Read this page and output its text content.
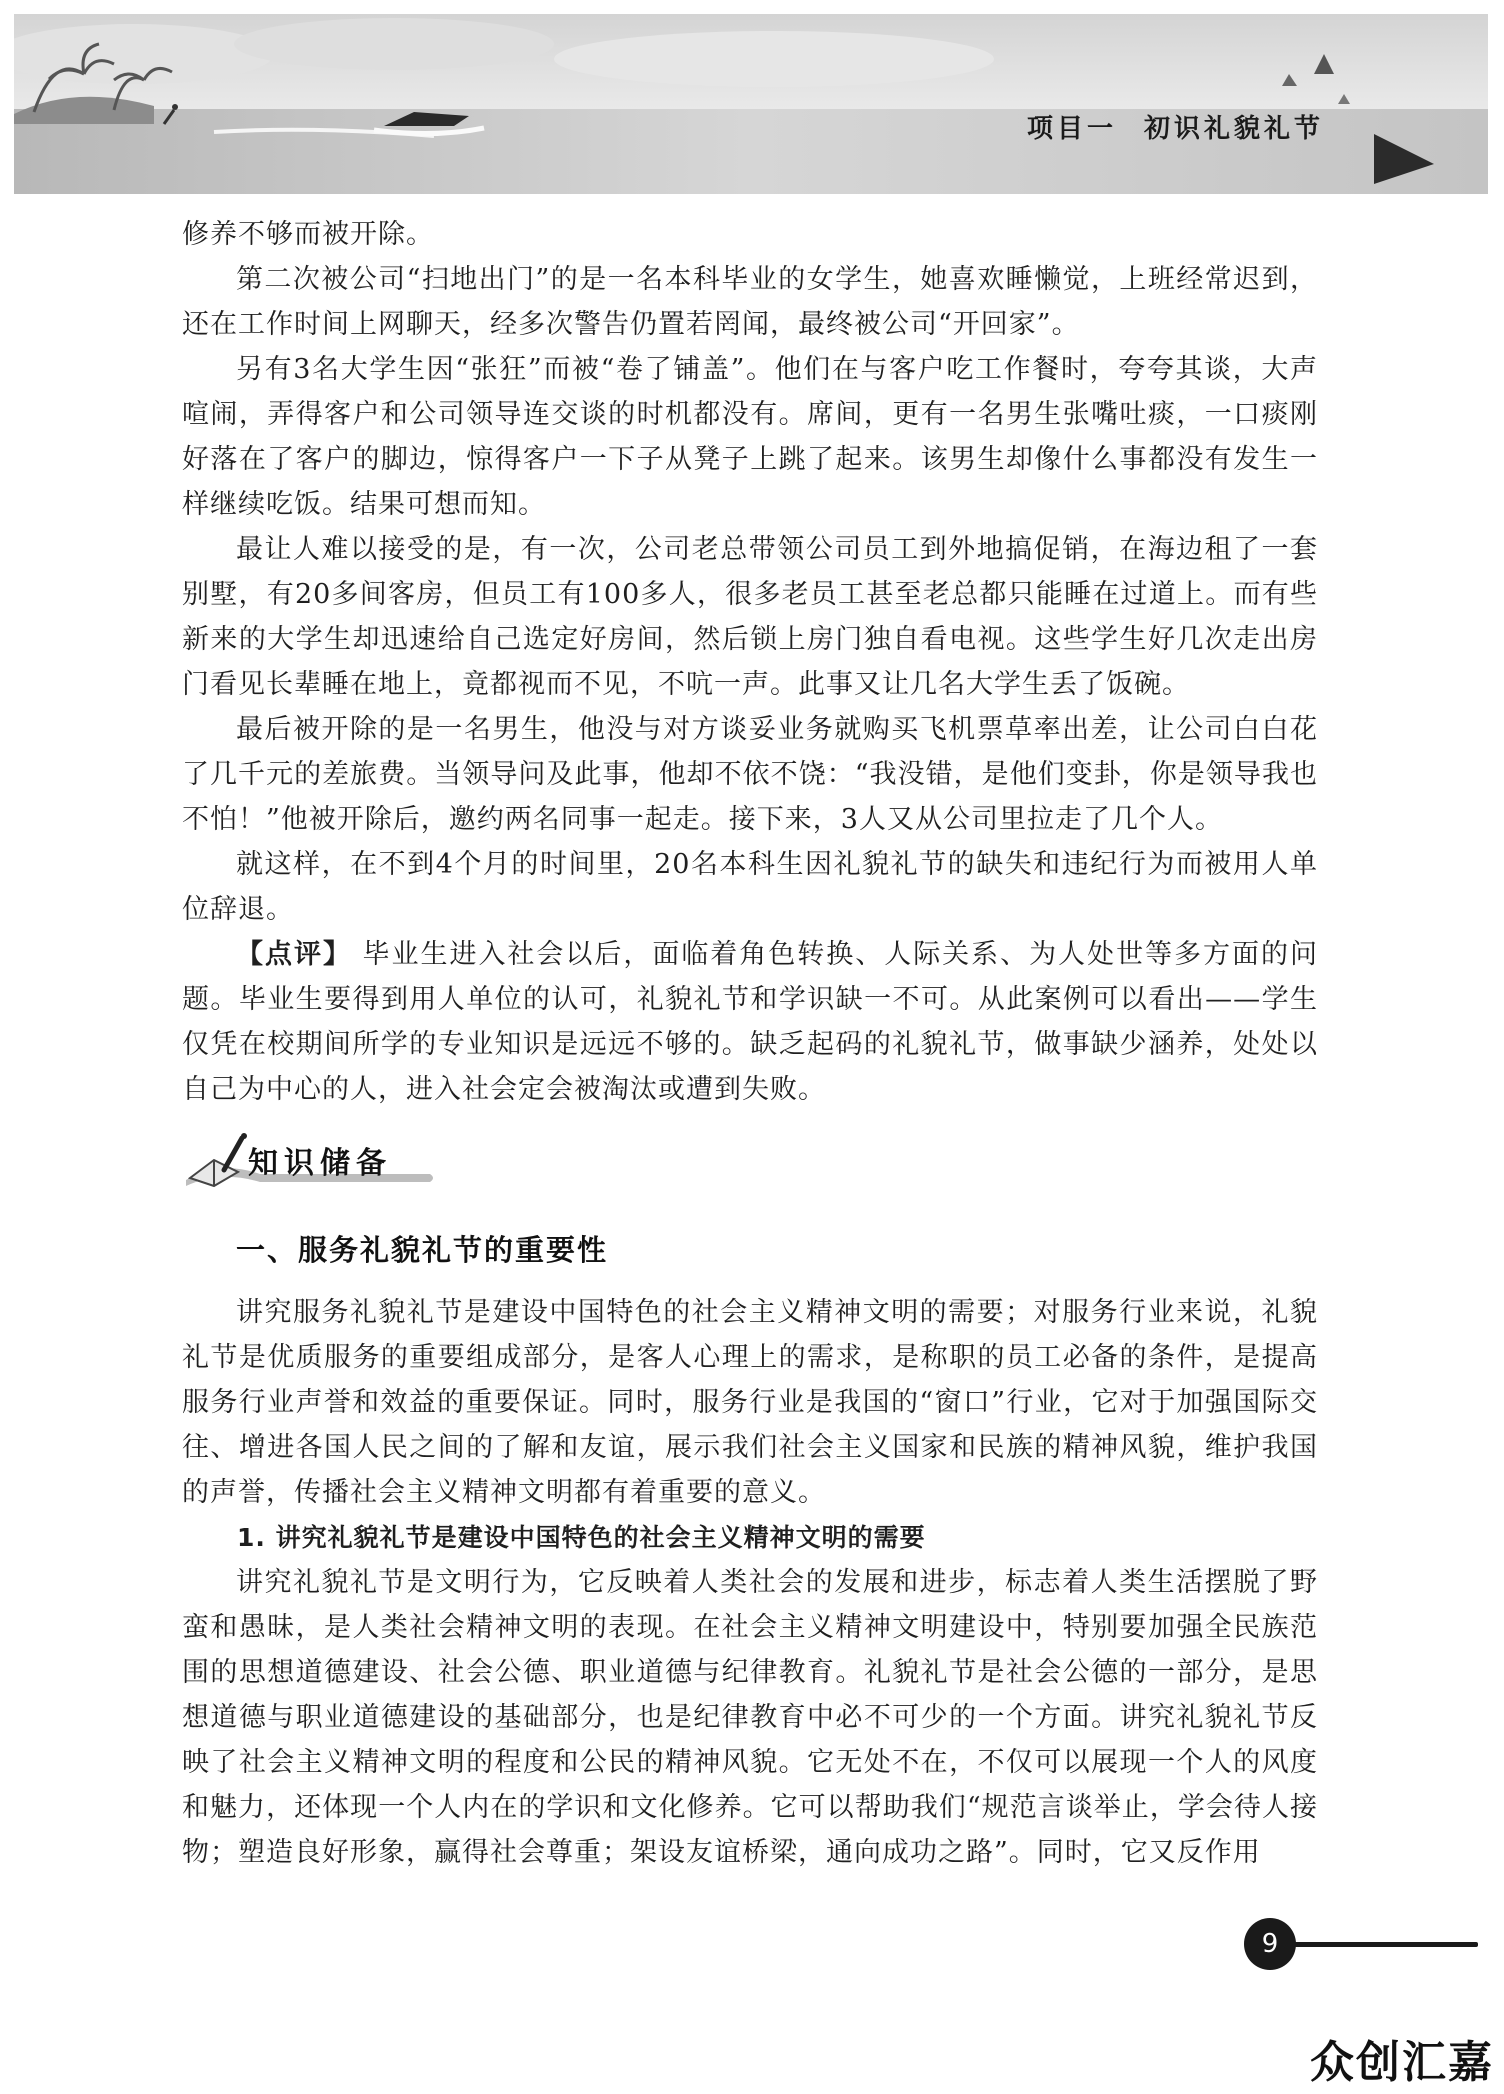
项目一 初识礼貌礼节

修养不够而被开除。

第二次被公司“扫地出门”的是一名本科毕业的女学生，她喜欢睡懒觉，上班经常迟到，还在工作时间上网聊天，经多次警告仍置若罔闻，最终被公司“开回家”。

另有3名大学生因“张狂”而被“卷了铺盖”。他们在与客户吃工作餐时，夸夸其谈，大声喧闹，弄得客户和公司领导连交谈的时机都没有。席间，更有一名男生张嘴吐痰，一口痰刚好落在了客户的脚边，惊得客户一下子从凳子上跳了起来。该男生却像什么事都没有发生一样继续吃饭。结果可想而知。

最让人难以接受的是，有一次，公司老总带领公司员工到外地搞促销，在海边租了一套别墅，有20多间客房，但员工有100多人，很多老员工甚至老总都只能睡在过道上。而有些新来的大学生却迅速给自己选定好房间，然后锁上房门独自看电视。这些学生好几次走出房门看见长辈睡在地上，竟都视而不见，不吭一声。此事又让几名大学生丢了饭碗。

最后被开除的是一名男生，他没与对方谈妥业务就购买飞机票草率出差，让公司白白花了几千元的差旅费。当领导问及此事，他却不依不饶：“我没错，是他们变卦，你是领导我也不怕！”他被开除后，邀约两名同事一起走。接下来，3人又从公司里拉走了几个人。

就这样，在不到4个月的时间里，20名本科生因礼貌礼节的缺失和违纪行为而被用人单位辞退。

【点评】 毕业生进入社会以后，面临着角色转换、人际关系、为人处世等多方面的问题。毕业生要得到用人单位的认可，礼貌礼节和学识缺一不可。从此案例可以看出——学生仅凭在校期间所学的专业知识是远远不够的。缺乏起码的礼貌礼节，做事缺少涵养，处处以自己为中心的人，进入社会定会被淘汰或遭到失败。

知识储备
一、服务礼貌礼节的重要性

讲究服务礼貌礼节是建设中国特色的社会主义精神文明的需要；对服务行业来说，礼貌礼节是优质服务的重要组成部分，是客人心理上的需求，是称职的员工必备的条件，是提高服务行业声誉和效益的重要保证。同时，服务行业是我国的“窗口”行业，它对于加强国际交往、增进各国人民之间的了解和友谊，展示我们社会主义国家和民族的精神风貌，维护我国的声誉，传播社会主义精神文明都有着重要的意义。

1. 讲究礼貌礼节是建设中国特色的社会主义精神文明的需要

讲究礼貌礼节是文明行为，它反映着人类社会的发展和进步，标志着人类生活摆脱了野蛮和愚昧，是人类社会精神文明的表现。在社会主义精神文明建设中，特别要加强全民族范围的思想道德建设、社会公德、职业道德与纪律教育。礼貌礼节是社会公德的一部分，是思想道德与职业道德建设的基础部分，也是纪律教育中必不可少的一个方面。讲究礼貌礼节反映了社会主义精神文明的程度和公民的精神风貌。它无处不在，不仅可以展现一个人的风度和魅力，还体现一个人内在的学识和文化修养。它可以帮助我们“规范言谈举止，学会待人接物；塑造良好形象，赢得社会尊重；架设友谊桥梁，通向成功之路”。同时，它又反作用

9
众创汇嘉
